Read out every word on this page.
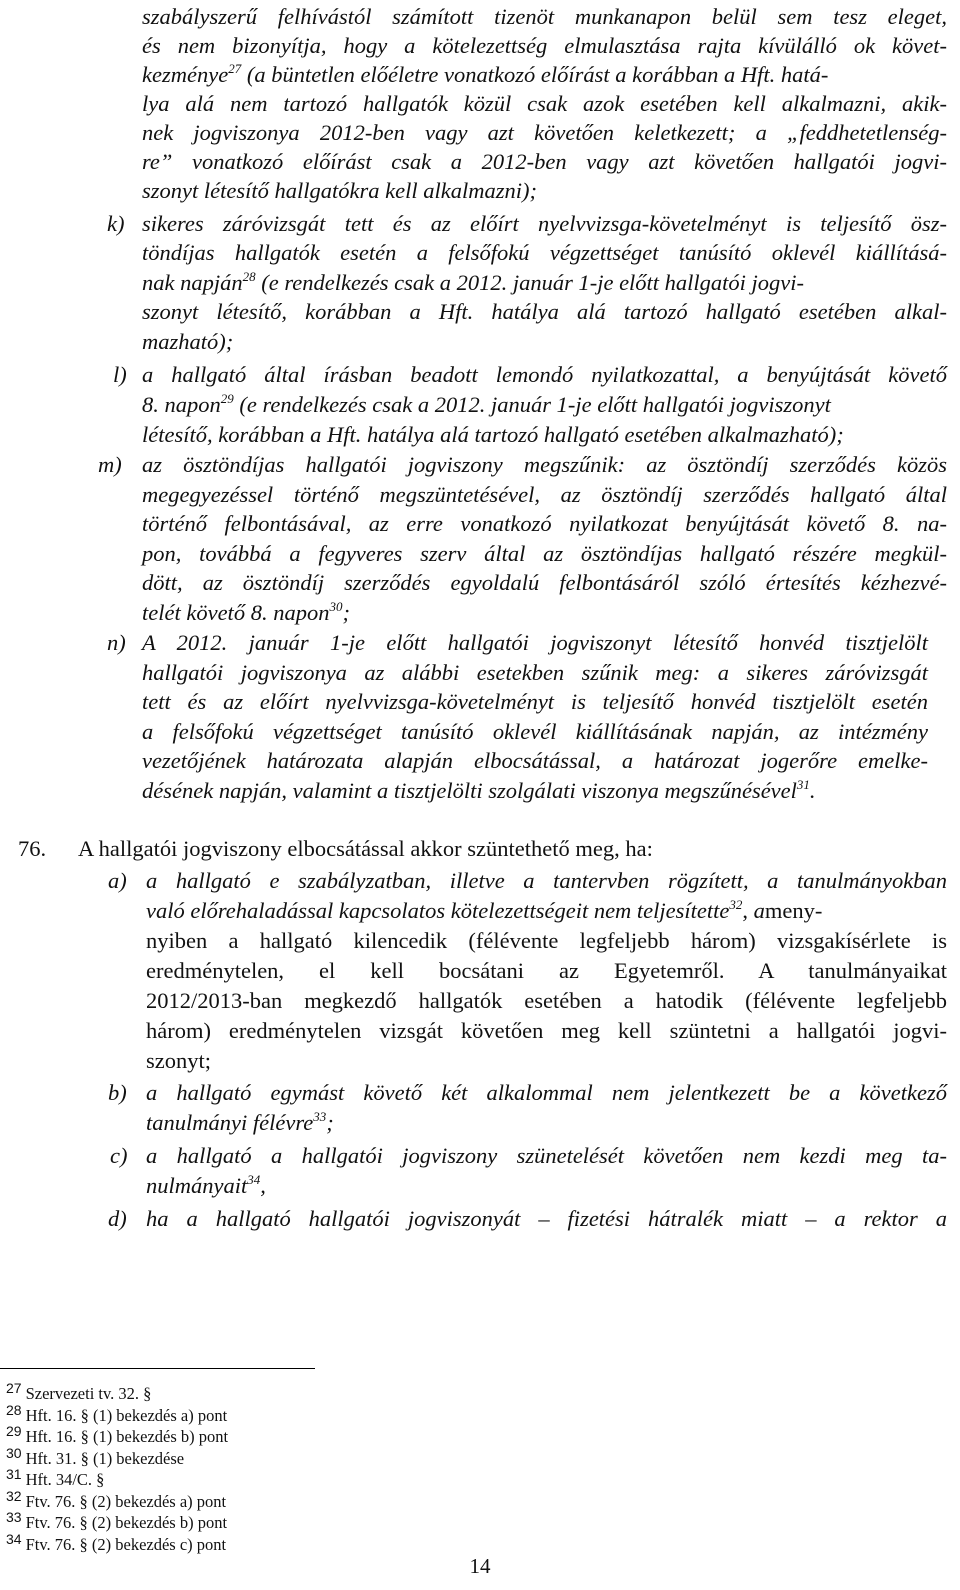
szabályszerű felhívástól számított tizenöt munkanapon belül sem tesz eleget,
és nem bizonyítja, hogy a kötelezettség elmulasztása rajta kívülálló ok követ-
kezménye$^{27}$ (a büntetlen előéletre vonatkozó előírást a korábban a Hft. hatá-
lya alá nem tartozó hallgatók közül csak azok esetében kell alkalmazni, akik-
nek jogviszonya 2012-ben vagy azt követően keletkezett; a „feddhetetlenség-
re” vonatkozó előírást csak a 2012-ben vagy azt követően hallgatói jogvi-
szonyt létesítő hallgatókra kell alkalmazni);
k) sikeres záróvizsgát tett és az előírt nyelvvizsga-követelményt is teljesítő ösz-
töndíjas hallgatók esetén a felsőfokú végzettséget tanúsító oklevél kiállításá-
nak napján$^{28}$ (e rendelkezés csak a 2012. január 1-je előtt hallgatói jogvi-
szonyt létesítő, korábban a Hft. hatálya alá tartozó hallgató esetében alkal-
mazható);
l) a hallgató által írásban beadott lemondó nyilatkozattal, a benyújtását követő
8. napon$^{29}$ (e rendelkezés csak a 2012. január 1-je előtt hallgatói jogviszonyt
létesítő, korábban a Hft. hatálya alá tartozó hallgató esetében alkalmazható);
m) az ösztöndíjas hallgatói jogviszony megszűnik: az ösztöndíj szerződés közös
megegyezéssel történő megszüntetésével, az ösztöndíj szerződés hallgató által
történő felbontásával, az erre vonatkozó nyilatkozat benyújtását követő 8. na-
pon, továbbá a fegyveres szerv által az ösztöndíjas hallgató részére megkül-
dött, az ösztöndíj szerződés egyoldalú felbontásáról szóló értesítés kézhezvé-
telét követő 8. napon$^{30}$;
n) A 2012. január 1-je előtt hallgatói jogviszonyt létesítő honvéd tisztjelölt
hallgatói jogviszonya az alábbi esetekben szűnik meg: a sikeres záróvizsgát
tett és az előírt nyelvvizsga-követelményt is teljesítő honvéd tisztjelölt esetén
a felsőfokú végzettséget tanúsító oklevél kiállításának napján, az intézmény
vezetőjének határozata alapján elbocsátással, a határozat jogerőre emelke-
désének napján, valamint a tisztjelölti szolgálati viszonya megszűnésével$^{31}$.
76. A hallgatói jogviszony elbocsátással akkor szüntethető meg, ha:
a) a hallgató e szabályzatban, illetve a tantervben rögzített, a tanulmányokban
való előrehaladással kapcsolatos kötelezettségeit nem teljesítette$^{32}$, ameny-
nyiben a hallgató kilencedik (félévente legfeljebb három) vizsgakísérlete is
eredménytelen, el kell bocsátani az Egyetemről. A tanulmányaikat
2012/2013-ban megkezdő hallgatók esetében a hatodik (félévente legfeljebb
három) eredménytelen vizsgát követően meg kell szüntetni a hallgatói jogvi-
szonyt;
b) a hallgató egymást követő két alkalommal nem jelentkezett be a következő
tanulmányi félévre$^{33}$;
c) a hallgató a hallgatói jogviszony szünetelését követően nem kezdi meg ta-
nulmányait$^{34}$,
d) ha a hallgató hallgatói jogviszonyát – fizetési hátralék miatt – a rektor a
14
$^{27}$ Szervezeti tv. 32. §
$^{28}$ Hft. 16. § (1) bekezdés a) pont
$^{29}$ Hft. 16. § (1) bekezdés b) pont
$^{30}$ Hft. 31. § (1) bekezdése
$^{31}$ Hft. 34/C. §
$^{32}$ Ftv. 76. § (2) bekezdés a) pont
$^{33}$ Ftv. 76. § (2) bekezdés b) pont
$^{34}$ Ftv. 76. § (2) bekezdés c) pont
